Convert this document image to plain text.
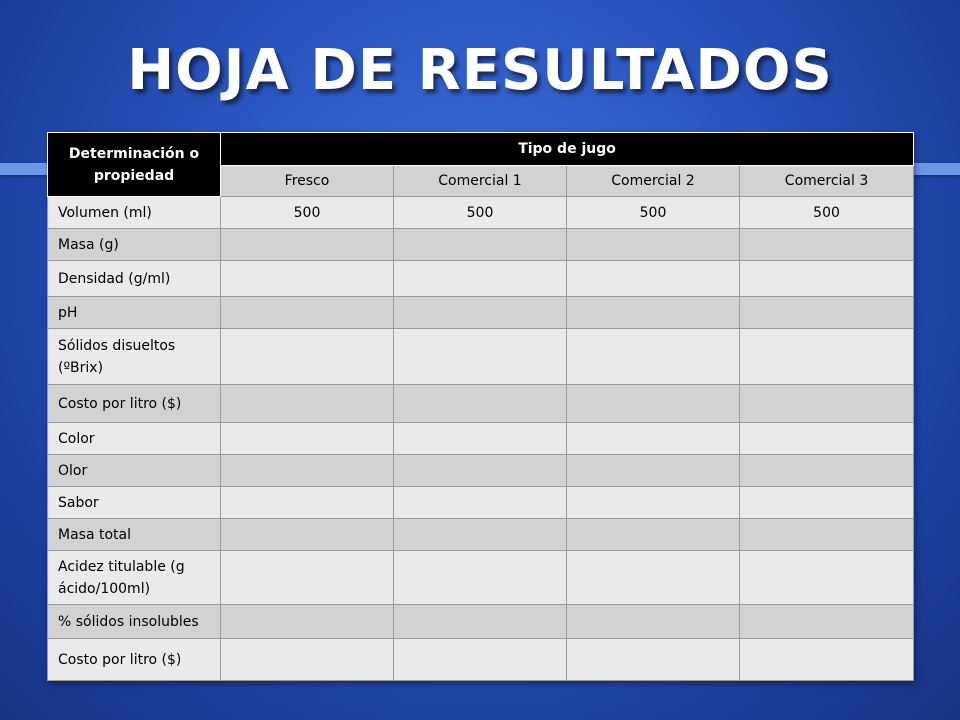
HOJA DE RESULTADOS
Determinación o propiedad	Tipo de jugo			
	Fresco	Comercial 1	Comercial 2	Comercial 3
Volumen (ml)	500	500	500	500
Masa (g)				
Densidad (g/ml)				
pH				
Sólidos disueltos (ºBrix)				
Costo por litro ($)				
Color				
Olor				
Sabor				
Masa total				
Acidez titulable (g ácido/100ml)				
% sólidos insolubles				
Costo por litro ($)				
